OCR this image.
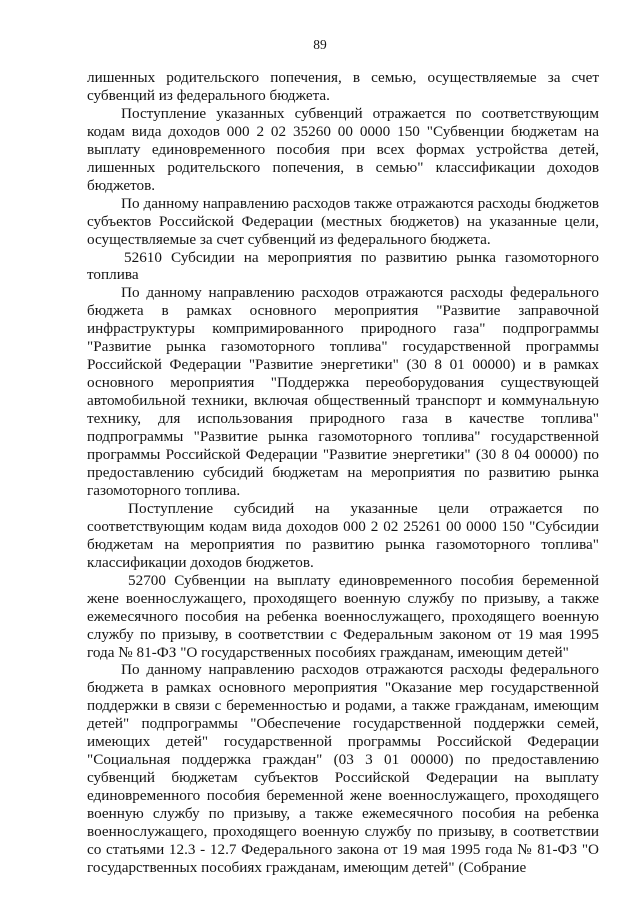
89

лишенных родительского попечения, в семью, осуществляемые за счет субвенций из федерального бюджета.

Поступление указанных субвенций отражается по соответствующим кодам вида доходов 000 2 02 35260 00 0000 150 "Субвенции бюджетам на выплату единовременного пособия при всех формах устройства детей, лишенных родительского попечения, в семью" классификации доходов бюджетов.

По данному направлению расходов также отражаются расходы бюджетов субъектов Российской Федерации (местных бюджетов) на указанные цели, осуществляемые за счет субвенций из федерального бюджета.

52610 Субсидии на мероприятия по развитию рынка газомоторного топлива

По данному направлению расходов отражаются расходы федерального бюджета в рамках основного мероприятия "Развитие заправочной инфраструктуры компримированного природного газа" подпрограммы "Развитие рынка газомоторного топлива" государственной программы Российской Федерации "Развитие энергетики" (30 8 01 00000) и в рамках основного мероприятия "Поддержка переоборудования существующей автомобильной техники, включая общественный транспорт и коммунальную технику, для использования природного газа в качестве топлива" подпрограммы "Развитие рынка газомоторного топлива" государственной программы Российской Федерации "Развитие энергетики" (30 8 04 00000) по предоставлению субсидий бюджетам на мероприятия по развитию рынка газомоторного топлива.

Поступление субсидий на указанные цели отражается по соответствующим кодам вида доходов 000 2 02 25261 00 0000 150 "Субсидии бюджетам на мероприятия по развитию рынка газомоторного топлива" классификации доходов бюджетов.

52700 Субвенции на выплату единовременного пособия беременной жене военнослужащего, проходящего военную службу по призыву, а также ежемесячного пособия на ребенка военнослужащего, проходящего военную службу по призыву, в соответствии с Федеральным законом от 19 мая 1995 года № 81-ФЗ "О государственных пособиях гражданам, имеющим детей"

По данному направлению расходов отражаются расходы федерального бюджета в рамках основного мероприятия "Оказание мер государственной поддержки в связи с беременностью и родами, а также гражданам, имеющим детей" подпрограммы "Обеспечение государственной поддержки семей, имеющих детей" государственной программы Российской Федерации "Социальная поддержка граждан" (03 3 01 00000) по предоставлению субвенций бюджетам субъектов Российской Федерации на выплату единовременного пособия беременной жене военнослужащего, проходящего военную службу по призыву, а также ежемесячного пособия на ребенка военнослужащего, проходящего военную службу по призыву, в соответствии со статьями 12.3 - 12.7 Федерального закона от 19 мая 1995 года № 81-ФЗ "О государственных пособиях гражданам, имеющим детей" (Собрание
